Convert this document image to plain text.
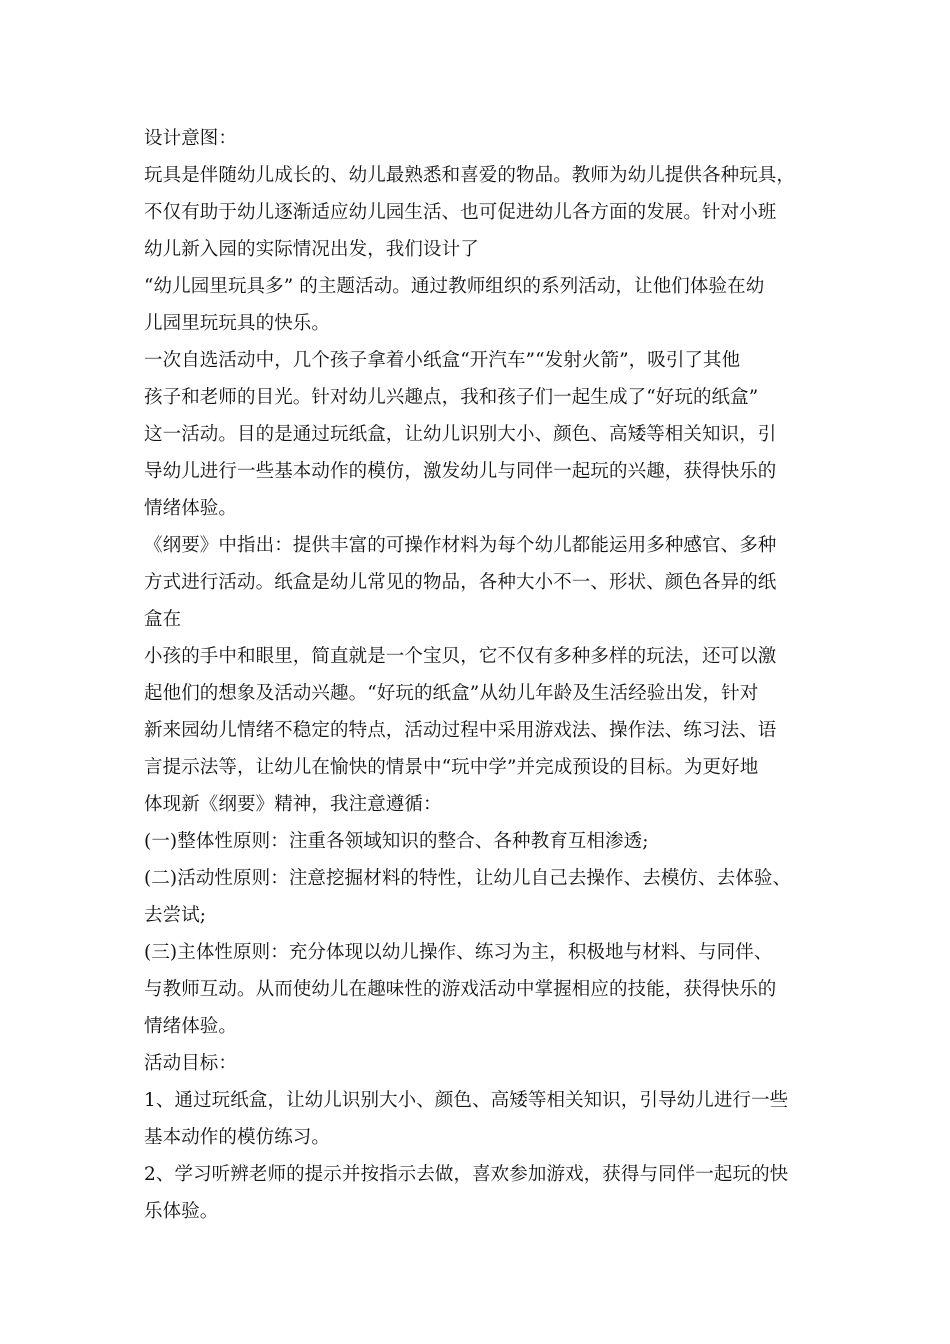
设计意图：
玩具是伴随幼儿成长的、幼儿最熟悉和喜爱的物品。教师为幼儿提供各种玩具，
不仅有助于幼儿逐渐适应幼儿园生活、也可促进幼儿各方面的发展。针对小班
幼儿新入园的实际情况出发，我们设计了
“幼儿园里玩具多” 的主题活动。通过教师组织的系列活动，让他们体验在幼
儿园里玩玩具的快乐。
一次自选活动中，几个孩子拿着小纸盒“开汽车”“发射火箭”，吸引了其他
孩子和老师的目光。针对幼儿兴趣点，我和孩子们一起生成了“好玩的纸盒”
这一活动。目的是通过玩纸盒，让幼儿识别大小、颜色、高矮等相关知识，引
导幼儿进行一些基本动作的模仿，激发幼儿与同伴一起玩的兴趣，获得快乐的
情绪体验。
《纲要》中指出：提供丰富的可操作材料为每个幼儿都能运用多种感官、多种
方式进行活动。纸盒是幼儿常见的物品，各种大小不一、形状、颜色各异的纸
盒在
小孩的手中和眼里，简直就是一个宝贝，它不仅有多种多样的玩法，还可以激
起他们的想象及活动兴趣。“好玩的纸盒”从幼儿年龄及生活经验出发，针对
新来园幼儿情绪不稳定的特点，活动过程中采用游戏法、操作法、练习法、语
言提示法等，让幼儿在愉快的情景中“玩中学”并完成预设的目标。为更好地
体现新《纲要》精神，我注意遵循：
(一)整体性原则：注重各领域知识的整合、各种教育互相渗透;
(二)活动性原则：注意挖掘材料的特性，让幼儿自己去操作、去模仿、去体验、
去尝试;
(三)主体性原则：充分体现以幼儿操作、练习为主，积极地与材料、与同伴、
与教师互动。从而使幼儿在趣味性的游戏活动中掌握相应的技能，获得快乐的
情绪体验。
活动目标：
1、通过玩纸盒，让幼儿识别大小、颜色、高矮等相关知识，引导幼儿进行一些
基本动作的模仿练习。
2、学习听辨老师的提示并按指示去做，喜欢参加游戏，获得与同伴一起玩的快
乐体验。
